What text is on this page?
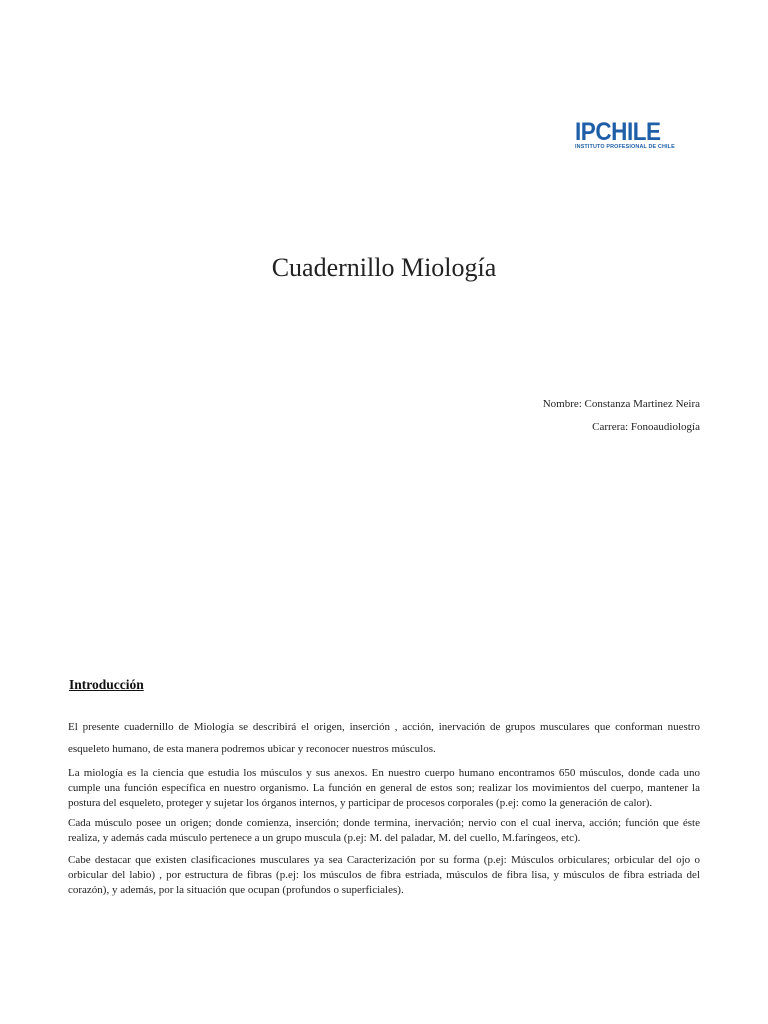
IPCHILE
INSTITUTO PROFESIONAL DE CHILE
Cuadernillo Miología
Nombre: Constanza Martinez Neira
Carrera: Fonoaudiología
Introducción

El presente cuadernillo de Miología se describirá el origen, inserción , acción, inervación de grupos musculares que conforman nuestro esqueleto humano, de esta manera podremos ubicar y reconocer nuestros músculos.

La miología es la ciencia que estudia los músculos y sus anexos. En nuestro cuerpo humano encontramos 650 músculos, donde cada uno cumple una función específica en nuestro organismo. La función en general de estos son; realizar los movimientos del cuerpo, mantener la postura del esqueleto, proteger y sujetar los órganos internos, y participar de procesos corporales (p.ej: como la generación de calor).

Cada músculo posee un origen; donde comienza, inserción; donde termina, inervación; nervio con el cual inerva, acción; función que éste realiza, y además cada músculo pertenece a un grupo muscula (p.ej: M. del paladar, M. del cuello, M.faríngeos, etc).

Cabe destacar que existen clasificaciones musculares ya sea Caracterización por su forma (p.ej: Músculos orbiculares; orbicular del ojo o orbicular del labio) , por estructura de fibras (p.ej: los músculos de fibra estriada, músculos de fibra lisa, y músculos de fibra estriada del corazón), y además, por la situación que ocupan (profundos o superficiales).
